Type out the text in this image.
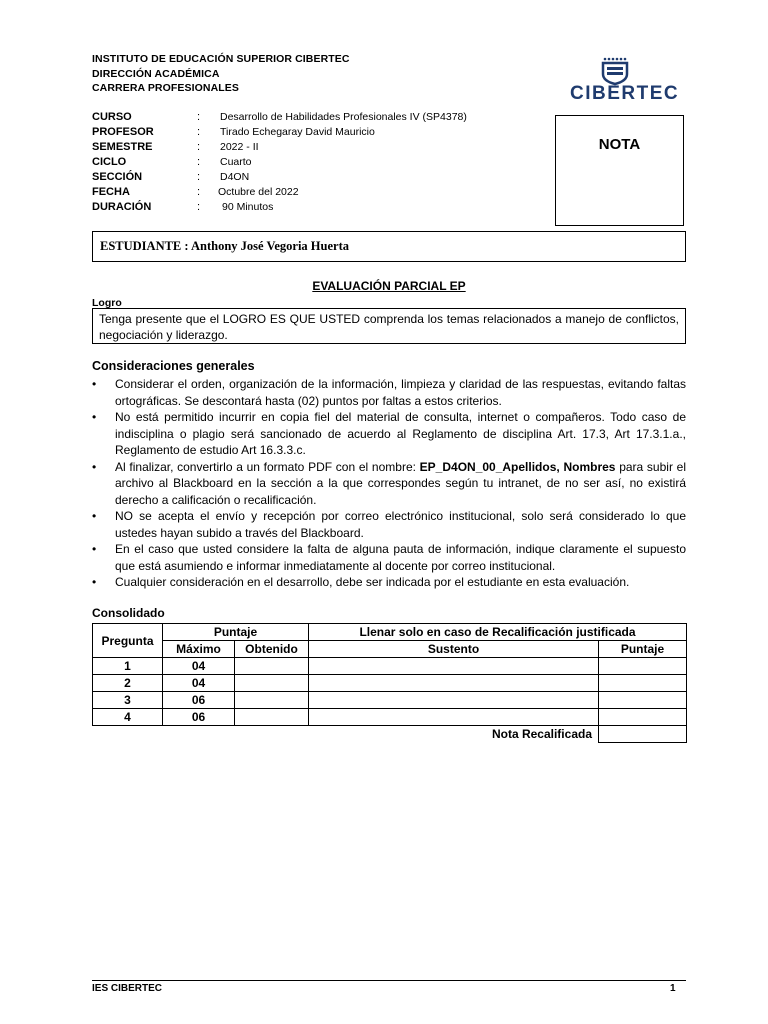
INSTITUTO DE EDUCACIÓN SUPERIOR CIBERTEC
DIRECCIÓN ACADÉMICA
CARRERA PROFESIONALES	CIBERTEC
CURSO	: Desarrollo de Habilidades Profesionales IV (SP4378)
PROFESOR	: Tirado Echegaray David Mauricio
SEMESTRE	: 2022 - II
CICLO	: Cuarto
SECCIÓN	: D4ON
FECHA	: Octubre del 2022
DURACIÓN	: 90 Minutos
NOTA
ESTUDIANTE : Anthony José Vegoria Huerta
EVALUACIÓN PARCIAL EP
Logro

Tenga presente que el LOGRO ES QUE USTED comprenda los temas relacionados a manejo de conflictos, negociación y liderazgo.

Consideraciones generales
• Considerar el orden, organización de la información, limpieza y claridad de las respuestas, evitando faltas ortográficas. Se descontará hasta (02) puntos por faltas a estos criterios.
• No está permitido incurrir en copia fiel del material de consulta, internet o compañeros. Todo caso de indisciplina o plagio será sancionado de acuerdo al Reglamento de disciplina Art. 17.3, Art 17.3.1.a., Reglamento de estudio Art 16.3.3.c.
• Al finalizar, convertirlo a un formato PDF con el nombre: EP_D4ON_00_Apellidos, Nombres para subir el archivo al Blackboard en la sección a la que correspondes según tu intranet, de no ser así, no existirá derecho a calificación o recalificación.
• NO se acepta el envío y recepción por correo electrónico institucional, solo será considerado lo que ustedes hayan subido a través del Blackboard.
• En el caso que usted considere la falta de alguna pauta de información, indique claramente el supuesto que está asumiendo e informar inmediatamente al docente por correo institucional.
• Cualquier consideración en el desarrollo, debe ser indicada por el estudiante en esta evaluación.
Consolidado
Pregunta	Puntaje		Llenar solo en caso de Recalificación justificada	
	Máximo	Obtenido	Sustento	Puntaje
1	04			
2	04			
3	06			
4	06			
			Nota Recalificada	
IES CIBERTEC	1
